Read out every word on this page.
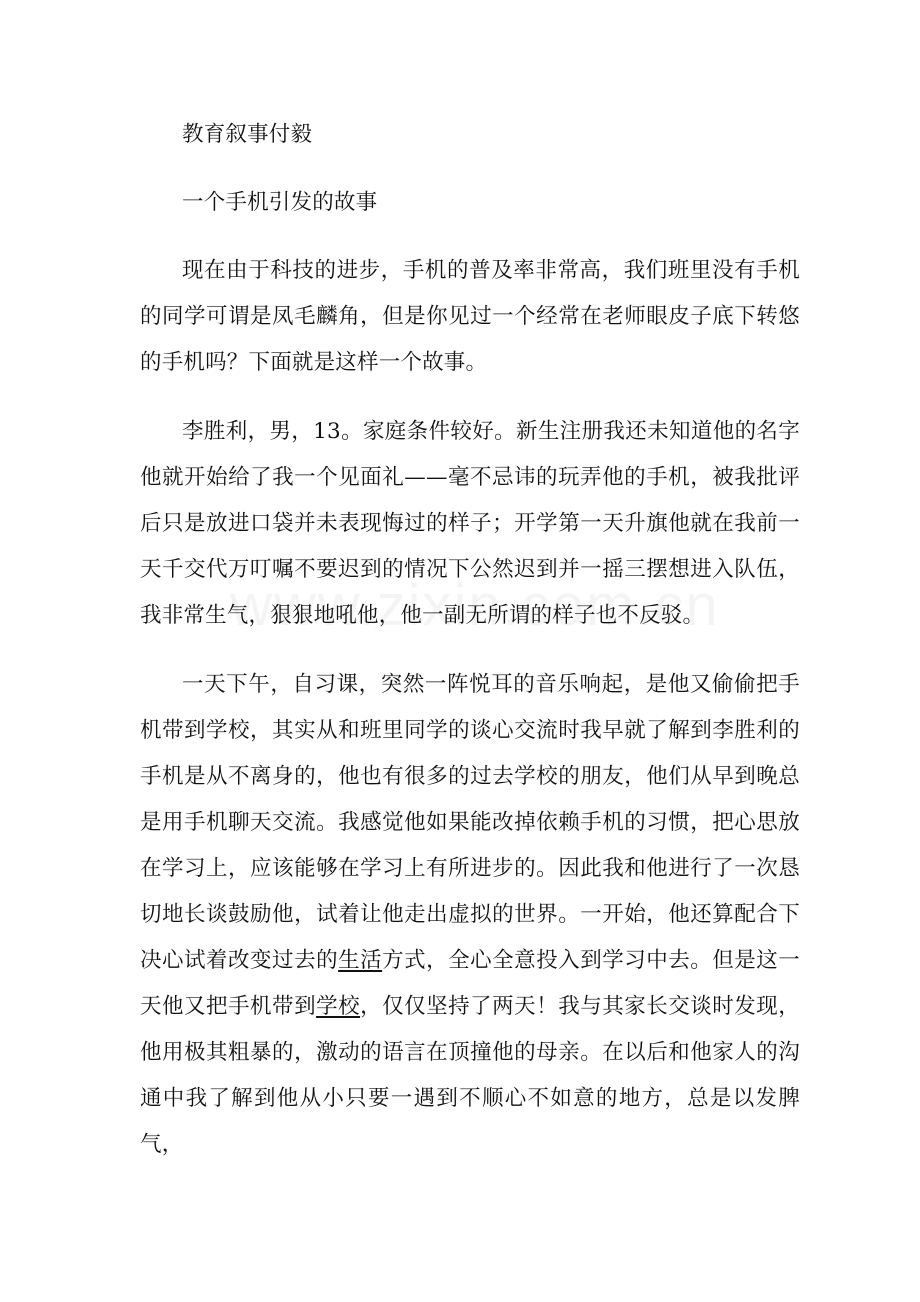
教育叙事付毅
一个手机引发的故事
现在由于科技的进步，手机的普及率非常高，我们班里没有手机的同学可谓是凤毛麟角，但是你见过一个经常在老师眼皮子底下转悠的手机吗？下面就是这样一个故事。
李胜利，男，13。家庭条件较好。新生注册我还未知道他的名字他就开始给了我一个见面礼——毫不忌讳的玩弄他的手机，被我批评后只是放进口袋并未表现悔过的样子；开学第一天升旗他就在我前一天千交代万叮嘱不要迟到的情况下公然迟到并一摇三摆想进入队伍，我非常生气，狠狠地吼他，他一副无所谓的样子也不反驳。
一天下午，自习课，突然一阵悦耳的音乐响起，是他又偷偷把手机带到学校，其实从和班里同学的谈心交流时我早就了解到李胜利的手机是从不离身的，他也有很多的过去学校的朋友，他们从早到晚总是用手机聊天交流。我感觉他如果能改掉依赖手机的习惯，把心思放在学习上，应该能够在学习上有所进步的。因此我和他进行了一次恳切地长谈鼓励他，试着让他走出虚拟的世界。一开始，他还算配合下决心试着改变过去的生活方式，全心全意投入到学习中去。但是这一天他又把手机带到学校，仅仅坚持了两天！我与其家长交谈时发现，他用极其粗暴的，激动的语言在顶撞他的母亲。在以后和他家人的沟通中我了解到他从小只要一遇到不顺心不如意的地方，总是以发脾气，
